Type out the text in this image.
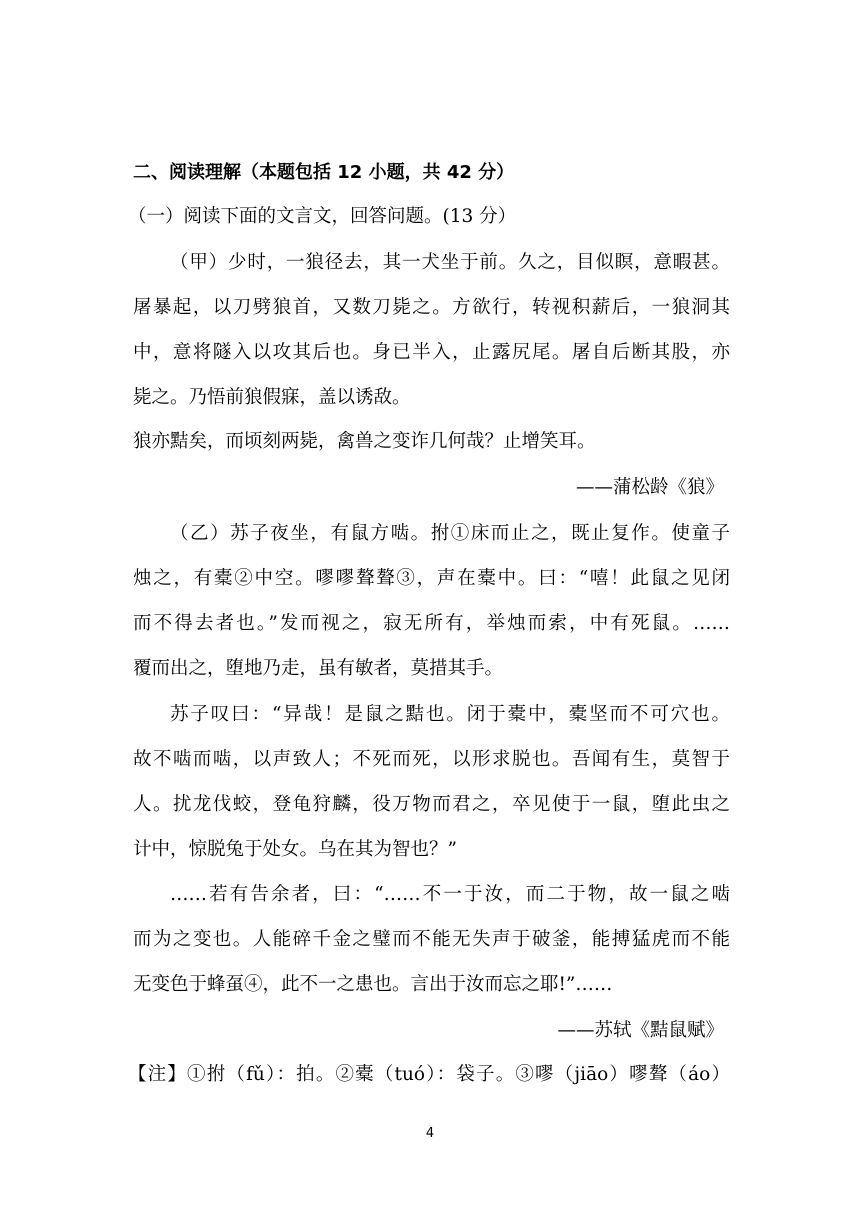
二、阅读理解（本题包括 12 小题，共 42 分）
（一）阅读下面的文言文，回答问题。(13 分）
（甲）少时，一狼径去，其一犬坐于前。久之，目似瞑，意暇甚。
屠暴起，以刀劈狼首，又数刀毙之。方欲行，转视积薪后，一狼洞其
中，意将隧入以攻其后也。身已半入，止露尻尾。屠自后断其股，亦
毙之。乃悟前狼假寐，盖以诱敌。
狼亦黠矣，而顷刻两毙，禽兽之变诈几何哉？止增笑耳。
——蒲松龄《狼》
（乙）苏子夜坐，有鼠方啮。拊①床而止之，既止复作。使童子
烛之，有橐②中空。嘐嘐聱聱③，声在橐中。曰：“嘻！此鼠之见闭
而不得去者也。”发而视之，寂无所有，举烛而索，中有死鼠。……
覆而出之，堕地乃走，虽有敏者，莫措其手。
苏子叹曰：“异哉！是鼠之黠也。闭于橐中，橐坚而不可穴也。
故不啮而啮，以声致人；不死而死，以形求脱也。吾闻有生，莫智于
人。扰龙伐蛟，登龟狩麟，役万物而君之，卒见使于一鼠，堕此虫之
计中，惊脱兔于处女。乌在其为智也？”
……若有告余者，曰：“……不一于汝，而二于物，故一鼠之啮
而为之变也。人能碎千金之璧而不能无失声于破釜，能搏猛虎而不能
无变色于蜂虿④，此不一之患也。言出于汝而忘之耶!”……
——苏轼《黠鼠赋》
【注】①拊（fǔ）：拍。②橐（tuó）：袋子。③嘐（jiāo）嘐聱（áo）
4
